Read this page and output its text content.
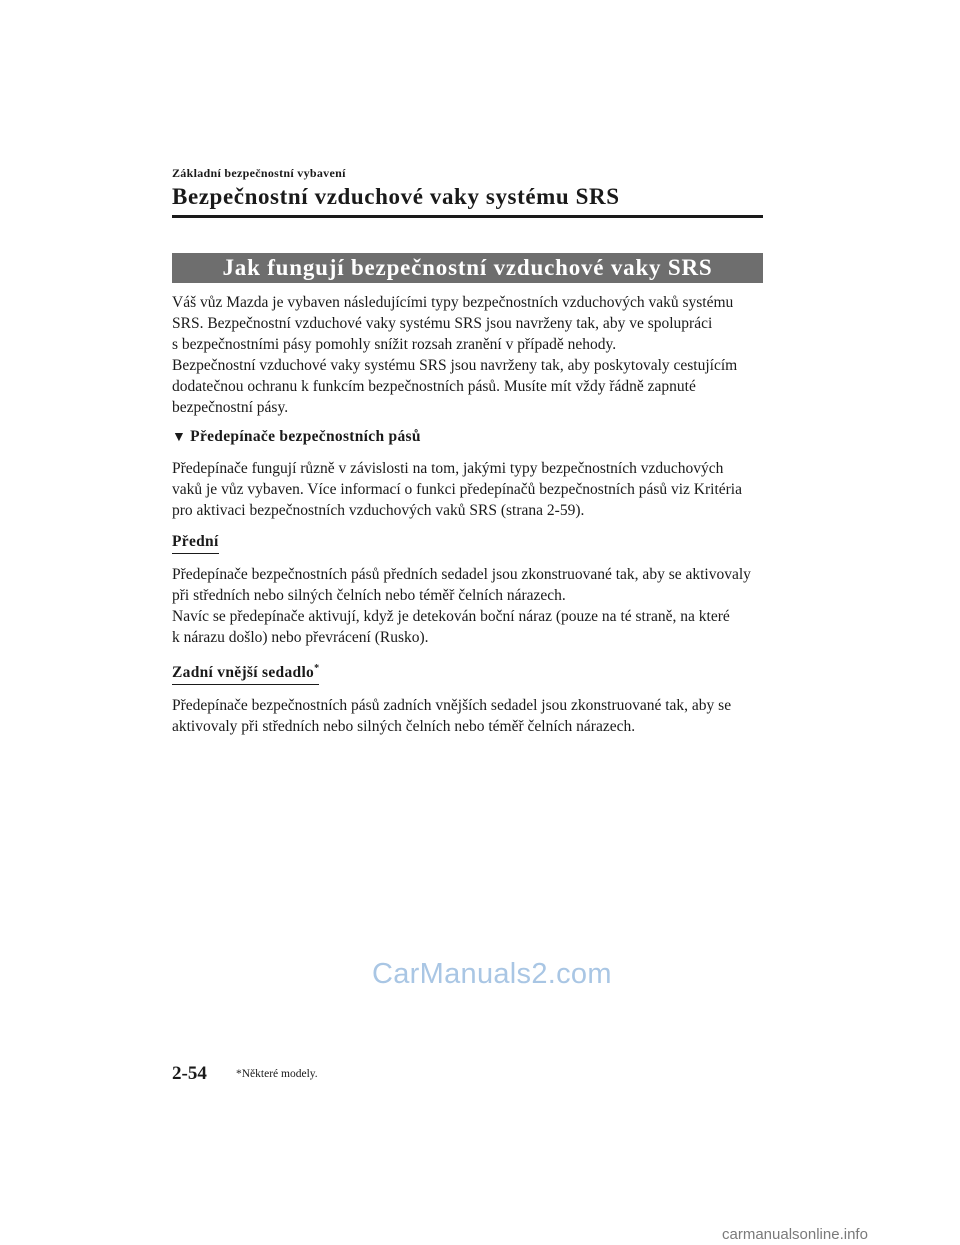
Základní bezpečnostní vybavení
Bezpečnostní vzduchové vaky systému SRS
Jak fungují bezpečnostní vzduchové vaky SRS

Váš vůz Mazda je vybaven následujícími typy bezpečnostních vzduchových vaků systému
SRS. Bezpečnostní vzduchové vaky systému SRS jsou navrženy tak, aby ve spolupráci
s bezpečnostními pásy pomohly snížit rozsah zranění v případě nehody.
Bezpečnostní vzduchové vaky systému SRS jsou navrženy tak, aby poskytovaly cestujícím
dodatečnou ochranu k funkcím bezpečnostních pásů. Musíte mít vždy řádně zapnuté
bezpečnostní pásy.

▼ Předepínače bezpečnostních pásů

Předepínače fungují různě v závislosti na tom, jakými typy bezpečnostních vzduchových
vaků je vůz vybaven. Více informací o funkci předepínačů bezpečnostních pásů viz Kritéria
pro aktivaci bezpečnostních vzduchových vaků SRS (strana 2-59).

Přední

Předepínače bezpečnostních pásů předních sedadel jsou zkonstruované tak, aby se aktivovaly
při středních nebo silných čelních nebo téměř čelních nárazech.
Navíc se předepínače aktivují, když je detekován boční náraz (pouze na té straně, na které
k nárazu došlo) nebo převrácení (Rusko).

Zadní vnější sedadlo*

Předepínače bezpečnostních pásů zadních vnějších sedadel jsou zkonstruované tak, aby se
aktivovaly při středních nebo silných čelních nebo téměř čelních nárazech.

CarManuals2.com
2-54	*Některé modely.
carmanualsonline.info
